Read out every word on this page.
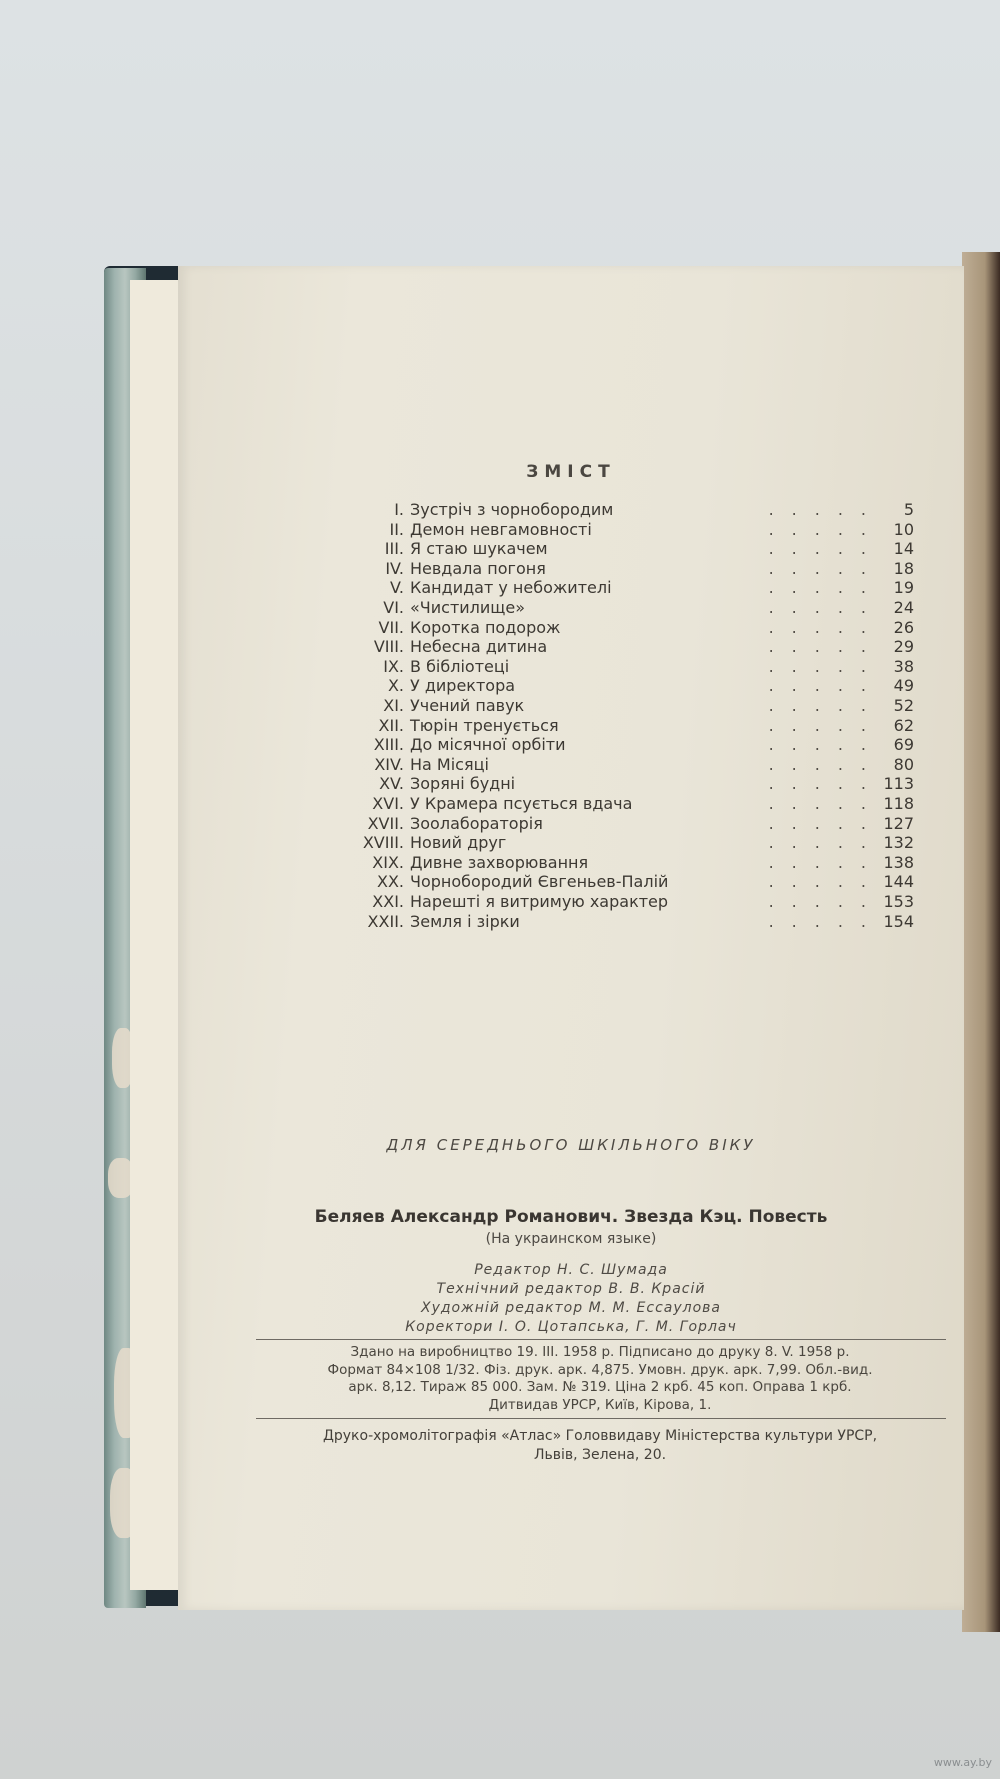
ЗМІСТ
I. Зустріч з чорнобородим	.....	5
II. Демон невгамовності	..... 10
III. Я стаю шукачем	..... 14
IV. Невдала погоня	..... 18
V. Кандидат у небожителі	..... 19
VI. «Чистилище»	..... 24
VII. Коротка подорож	..... 26
VIII. Небесна дитина	..... 29
IX. В бібліотеці	..... 38
X. У директора	..... 49
XI. Учений павук	..... 52
XII. Тюрін тренується	..... 62
XIII. До місячної орбіти	..... 69
XIV. На Місяці	..... 80
XV. Зоряні будні	..... 113
XVI. У Крамера псується вдача	..... 118
XVII. Зоолабораторія	..... 127
XVIII. Новий друг	..... 132
XIX. Дивне захворювання	..... 138
XX. Чорнобородий Євгеньев-Палій	..... 144
XXI. Нарешті я витримую характер	..... 153
XXII. Земля і зірки	..... 154
ДЛЯ СЕРЕДНЬОГО ШКІЛЬНОГО ВІКУ
Беляев Александр Романович. Звезда Кэц. Повесть
(На украинском языке)
Редактор Н. С. Шумада
Технічний редактор В. В. Красій
Художній редактор М. М. Ессаулова
Коректори І. О. Цотапська, Г. М. Горлач
Здано на виробництво 19. III. 1958 р. Підписано до друку 8. V. 1958 р.
Формат 84×108 1/32. Фіз. друк. арк. 4,875. Умовн. друк. арк. 7,99. Обл.-вид.
арк. 8,12. Тираж 85 000. Зам. № 319. Ціна 2 крб. 45 коп. Оправа 1 крб.
Дитвидав УРСР, Київ, Кірова, 1.
Друко-хромолітографія «Атлас» Головвидаву Міністерства культури УРСР,
Львів, Зелена, 20.
www.ay.by
